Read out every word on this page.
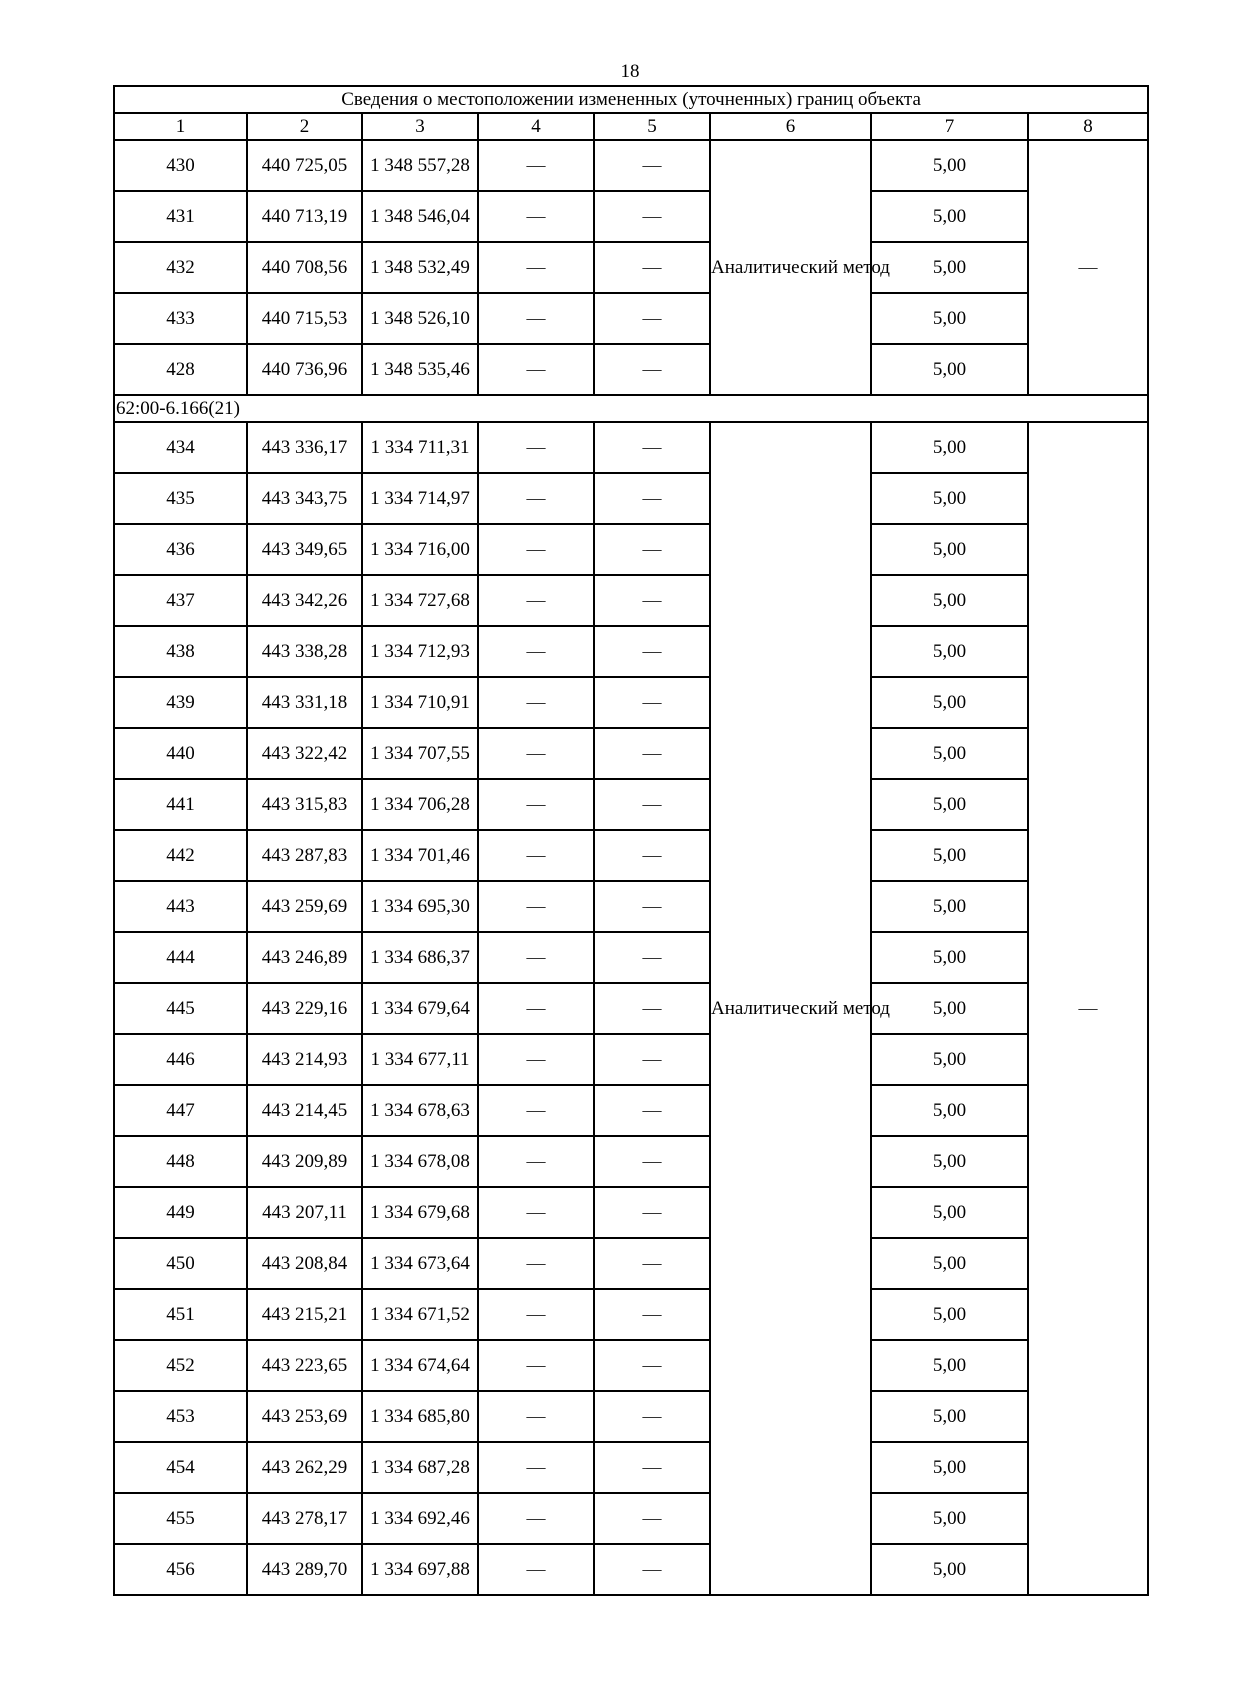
18
Сведения о местоположении измененных (уточненных) границ объекта							
1	2	3	4	5	6	7	8
430	440 725,05	1 348 557,28	—	—	Аналитический метод	5,00	—
431	440 713,19	1 348 546,04	—	—		5,00	
432	440 708,56	1 348 532,49	—	—		5,00	
433	440 715,53	1 348 526,10	—	—		5,00	
428	440 736,96	1 348 535,46	—	—		5,00	
62:00-6.166(21)							
434	443 336,17	1 334 711,31	—	—	Аналитический метод	5,00	—
435	443 343,75	1 334 714,97	—	—		5,00	
436	443 349,65	1 334 716,00	—	—		5,00	
437	443 342,26	1 334 727,68	—	—		5,00	
438	443 338,28	1 334 712,93	—	—		5,00	
439	443 331,18	1 334 710,91	—	—		5,00	
440	443 322,42	1 334 707,55	—	—		5,00	
441	443 315,83	1 334 706,28	—	—		5,00	
442	443 287,83	1 334 701,46	—	—		5,00	
443	443 259,69	1 334 695,30	—	—		5,00	
444	443 246,89	1 334 686,37	—	—		5,00	
445	443 229,16	1 334 679,64	—	—		5,00	
446	443 214,93	1 334 677,11	—	—		5,00	
447	443 214,45	1 334 678,63	—	—		5,00	
448	443 209,89	1 334 678,08	—	—		5,00	
449	443 207,11	1 334 679,68	—	—		5,00	
450	443 208,84	1 334 673,64	—	—		5,00	
451	443 215,21	1 334 671,52	—	—		5,00	
452	443 223,65	1 334 674,64	—	—		5,00	
453	443 253,69	1 334 685,80	—	—		5,00	
454	443 262,29	1 334 687,28	—	—		5,00	
455	443 278,17	1 334 692,46	—	—		5,00	
456	443 289,70	1 334 697,88	—	—		5,00	
